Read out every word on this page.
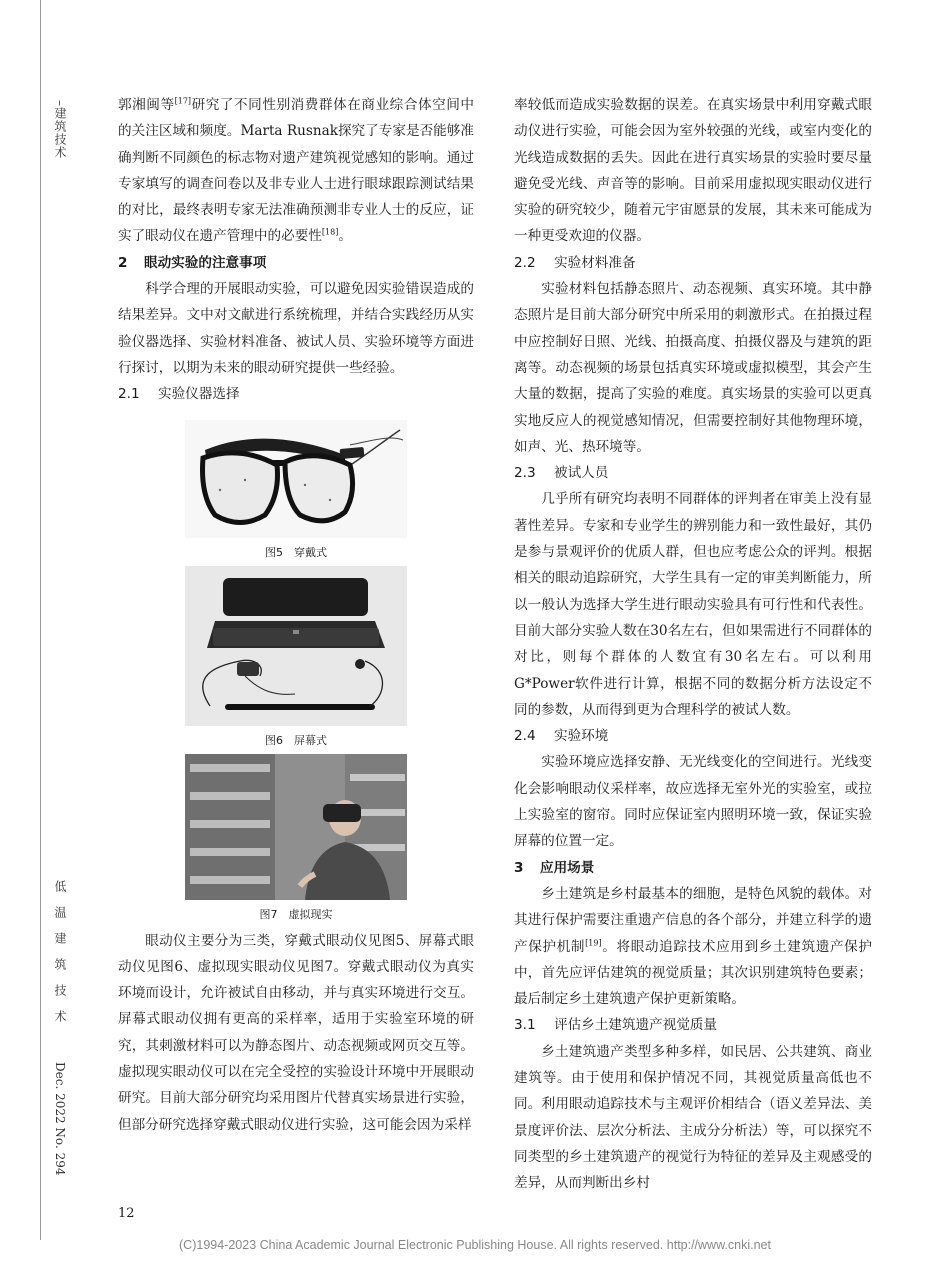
–建筑技术
低温建筑技术 Dec. 2022 No. 294

郭湘闽等[17]研究了不同性别消费群体在商业综合体空间中的关注区域和频度。Marta Rusnak探究了专家是否能够准确判断不同颜色的标志物对遗产建筑视觉感知的影响。通过专家填写的调查问卷以及非专业人士进行眼球跟踪测试结果的对比，最终表明专家无法准确预测非专业人士的反应，证实了眼动仪在遗产管理中的必要性[18]。

2 眼动实验的注意事项

科学合理的开展眼动实验，可以避免因实验错误造成的结果差异。文中对文献进行系统梳理，并结合实践经历从实验仪器选择、实验材料准备、被试人员、实验环境等方面进行探讨，以期为未来的眼动研究提供一些经验。

2.1 实验仪器选择
图5　穿戴式
图6　屏幕式
图7　虚拟现实

眼动仪主要分为三类，穿戴式眼动仪见图5、屏幕式眼动仪见图6、虚拟现实眼动仪见图7。穿戴式眼动仪为真实环境而设计，允许被试自由移动，并与真实环境进行交互。屏幕式眼动仪拥有更高的采样率，适用于实验室环境的研究，其刺激材料可以为静态图片、动态视频或网页交互等。虚拟现实眼动仪可以在完全受控的实验设计环境中开展眼动研究。目前大部分研究均采用图片代替真实场景进行实验，但部分研究选择穿戴式眼动仪进行实验，这可能会因为采样

率较低而造成实验数据的误差。在真实场景中利用穿戴式眼动仪进行实验，可能会因为室外较强的光线，或室内变化的光线造成数据的丢失。因此在进行真实场景的实验时要尽量避免受光线、声音等的影响。目前采用虚拟现实眼动仪进行实验的研究较少，随着元宇宙愿景的发展，其未来可能成为一种更受欢迎的仪器。

2.2 实验材料准备

实验材料包括静态照片、动态视频、真实环境。其中静态照片是目前大部分研究中所采用的刺激形式。在拍摄过程中应控制好日照、光线、拍摄高度、拍摄仪器及与建筑的距离等。动态视频的场景包括真实环境或虚拟模型，其会产生大量的数据，提高了实验的难度。真实场景的实验可以更真实地反应人的视觉感知情况，但需要控制好其他物理环境，如声、光、热环境等。

2.3 被试人员

几乎所有研究均表明不同群体的评判者在审美上没有显著性差异。专家和专业学生的辨别能力和一致性最好，其仍是参与景观评价的优质人群，但也应考虑公众的评判。根据相关的眼动追踪研究，大学生具有一定的审美判断能力，所以一般认为选择大学生进行眼动实验具有可行性和代表性。目前大部分实验人数在30名左右，但如果需进行不同群体的对比，则每个群体的人数宜有30名左右。可以利用G*Power软件进行计算，根据不同的数据分析方法设定不同的参数，从而得到更为合理科学的被试人数。

2.4 实验环境

实验环境应选择安静、无光线变化的空间进行。光线变化会影响眼动仪采样率，故应选择无室外光的实验室，或拉上实验室的窗帘。同时应保证室内照明环境一致，保证实验屏幕的位置一定。

3 应用场景

乡土建筑是乡村最基本的细胞，是特色风貌的载体。对其进行保护需要注重遗产信息的各个部分，并建立科学的遗产保护机制[19]。将眼动追踪技术应用到乡土建筑遗产保护中，首先应评估建筑的视觉质量；其次识别建筑特色要素；最后制定乡土建筑遗产保护更新策略。

3.1 评估乡土建筑遗产视觉质量

乡土建筑遗产类型多种多样，如民居、公共建筑、商业建筑等。由于使用和保护情况不同，其视觉质量高低也不同。利用眼动追踪技术与主观评价相结合（语义差异法、美景度评价法、层次分析法、主成分分析法）等，可以探究不同类型的乡土建筑遗产的视觉行为特征的差异及主观感受的差异，从而判断出乡村

12
(C)1994-2023 China Academic Journal Electronic Publishing House. All rights reserved. http://www.cnki.net
